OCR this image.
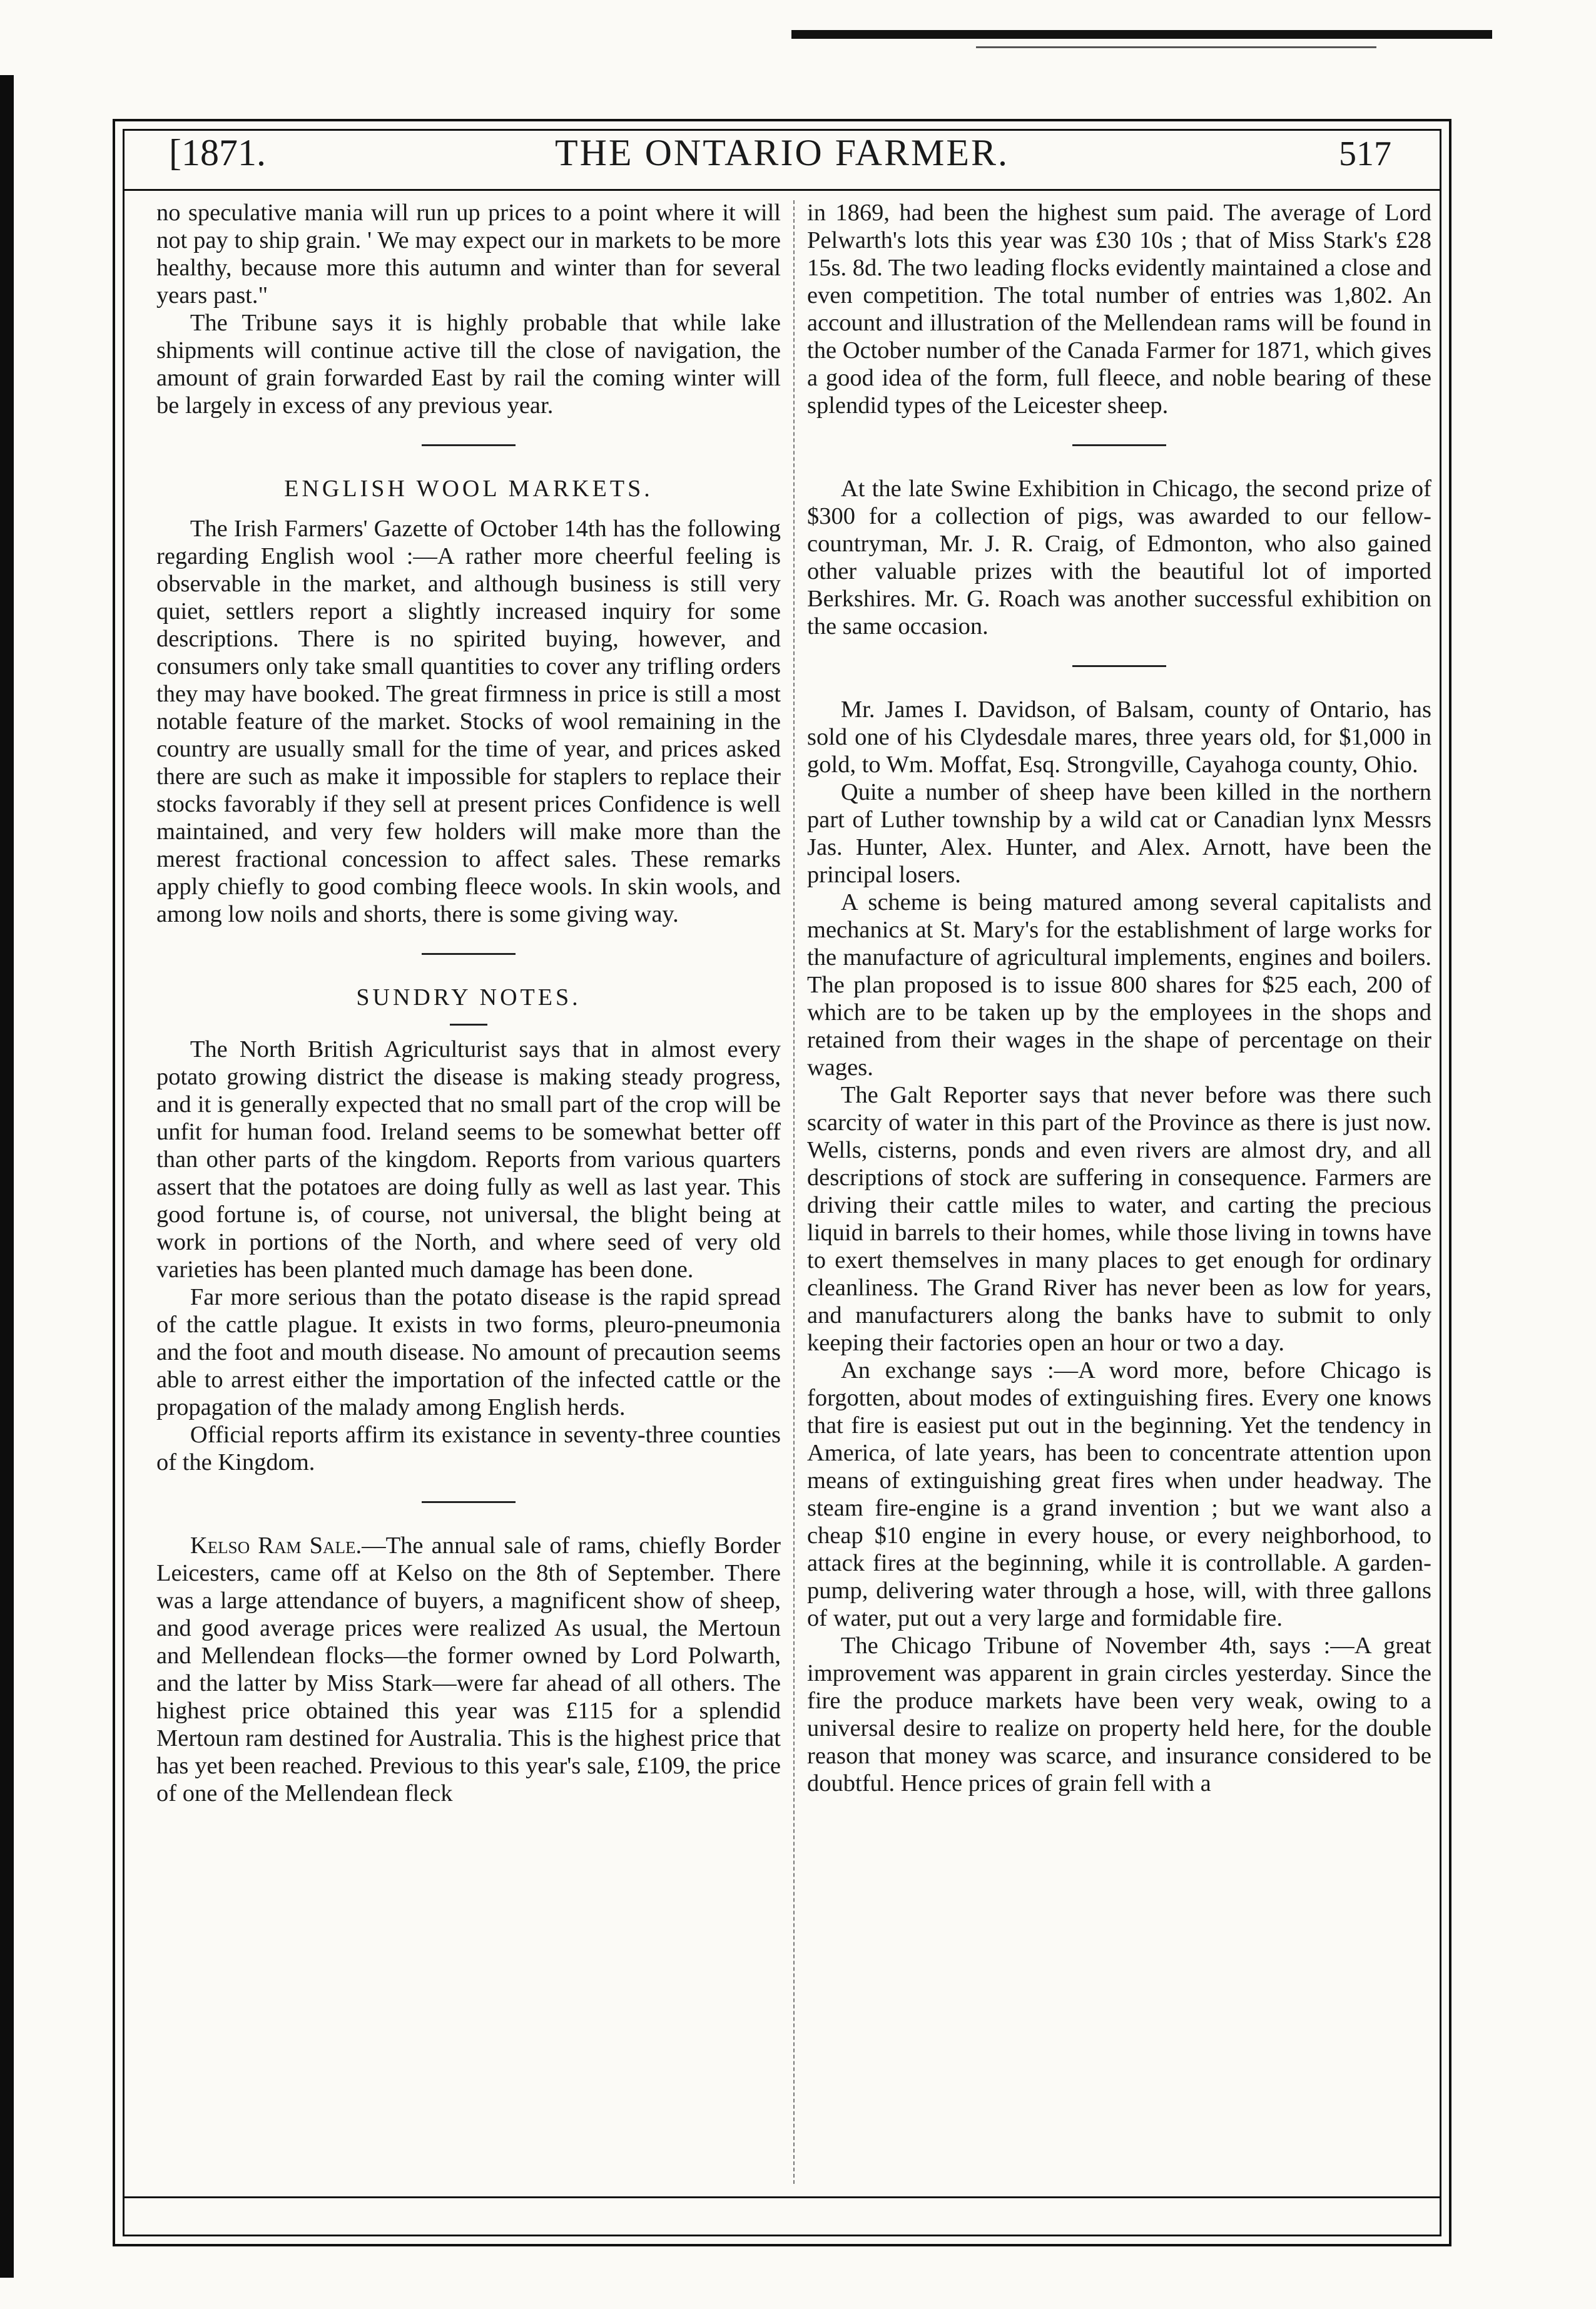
[1871.	THE ONTARIO FARMER.	517

no speculative mania will run up prices to a point where it will not pay to ship grain. ' We may expect our in markets to be more healthy, because more this autumn and winter than for several years past."

The Tribune says it is highly probable that while lake shipments will continue active till the close of navigation, the amount of grain forwarded East by rail the coming winter will be largely in excess of any previous year.

ENGLISH WOOL MARKETS.

The Irish Farmers' Gazette of October 14th has the following regarding English wool :—A rather more cheerful feeling is observable in the market, and although business is still very quiet, settlers report a slightly increased inquiry for some descriptions. There is no spirited buying, however, and consumers only take small quantities to cover any trifling orders they may have booked. The great firmness in price is still a most notable feature of the market. Stocks of wool remaining in the country are usually small for the time of year, and prices asked there are such as make it impossible for staplers to replace their stocks favorably if they sell at present prices Confidence is well maintained, and very few holders will make more than the merest fractional concession to affect sales. These remarks apply chiefly to good combing fleece wools. In skin wools, and among low noils and shorts, there is some giving way.

SUNDRY NOTES.

The North British Agriculturist says that in almost every potato growing district the disease is making steady progress, and it is generally expected that no small part of the crop will be unfit for human food. Ireland seems to be somewhat better off than other parts of the kingdom. Reports from various quarters assert that the potatoes are doing fully as well as last year. This good fortune is, of course, not universal, the blight being at work in portions of the North, and where seed of very old varieties has been planted much damage has been done.

Far more serious than the potato disease is the rapid spread of the cattle plague. It exists in two forms, pleuro-pneumonia and the foot and mouth disease. No amount of precaution seems able to arrest either the importation of the infected cattle or the propagation of the malady among English herds.

Official reports affirm its existance in seventy-three counties of the Kingdom.

Kelso Ram Sale.—The annual sale of rams, chiefly Border Leicesters, came off at Kelso on the 8th of September. There was a large attendance of buyers, a magnificent show of sheep, and good average prices were realized As usual, the Mertoun and Mellendean flocks—the former owned by Lord Polwarth, and the latter by Miss Stark—were far ahead of all others. The highest price obtained this year was £115 for a splendid Mertoun ram destined for Australia. This is the highest price that has yet been reached. Previous to this year's sale, £109, the price of one of the Mellendean fleck

in 1869, had been the highest sum paid. The average of Lord Pelwarth's lots this year was £30 10s ; that of Miss Stark's £28 15s. 8d. The two leading flocks evidently maintained a close and even competition. The total number of entries was 1,802. An account and illustration of the Mellendean rams will be found in the October number of the Canada Farmer for 1871, which gives a good idea of the form, full fleece, and noble bearing of these splendid types of the Leicester sheep.

At the late Swine Exhibition in Chicago, the second prize of $300 for a collection of pigs, was awarded to our fellow-countryman, Mr. J. R. Craig, of Edmonton, who also gained other valuable prizes with the beautiful lot of imported Berkshires. Mr. G. Roach was another successful exhibition on the same occasion.

Mr. James I. Davidson, of Balsam, county of Ontario, has sold one of his Clydesdale mares, three years old, for $1,000 in gold, to Wm. Moffat, Esq. Strongville, Cayahoga county, Ohio.

Quite a number of sheep have been killed in the northern part of Luther township by a wild cat or Canadian lynx Messrs Jas. Hunter, Alex. Hunter, and Alex. Arnott, have been the principal losers.

A scheme is being matured among several capitalists and mechanics at St. Mary's for the establishment of large works for the manufacture of agricultural implements, engines and boilers. The plan proposed is to issue 800 shares for $25 each, 200 of which are to be taken up by the employees in the shops and retained from their wages in the shape of percentage on their wages.

The Galt Reporter says that never before was there such scarcity of water in this part of the Province as there is just now. Wells, cisterns, ponds and even rivers are almost dry, and all descriptions of stock are suffering in consequence. Farmers are driving their cattle miles to water, and carting the precious liquid in barrels to their homes, while those living in towns have to exert themselves in many places to get enough for ordinary cleanliness. The Grand River has never been as low for years, and manufacturers along the banks have to submit to only keeping their factories open an hour or two a day.

An exchange says :—A word more, before Chicago is forgotten, about modes of extinguishing fires. Every one knows that fire is easiest put out in the beginning. Yet the tendency in America, of late years, has been to concentrate attention upon means of extinguishing great fires when under headway. The steam fire-engine is a grand invention ; but we want also a cheap $10 engine in every house, or every neighborhood, to attack fires at the beginning, while it is controllable. A garden-pump, delivering water through a hose, will, with three gallons of water, put out a very large and formidable fire.

The Chicago Tribune of November 4th, says :—A great improvement was apparent in grain circles yesterday. Since the fire the produce markets have been very weak, owing to a universal desire to realize on property held here, for the double reason that money was scarce, and insurance considered to be doubtful. Hence prices of grain fell with a
